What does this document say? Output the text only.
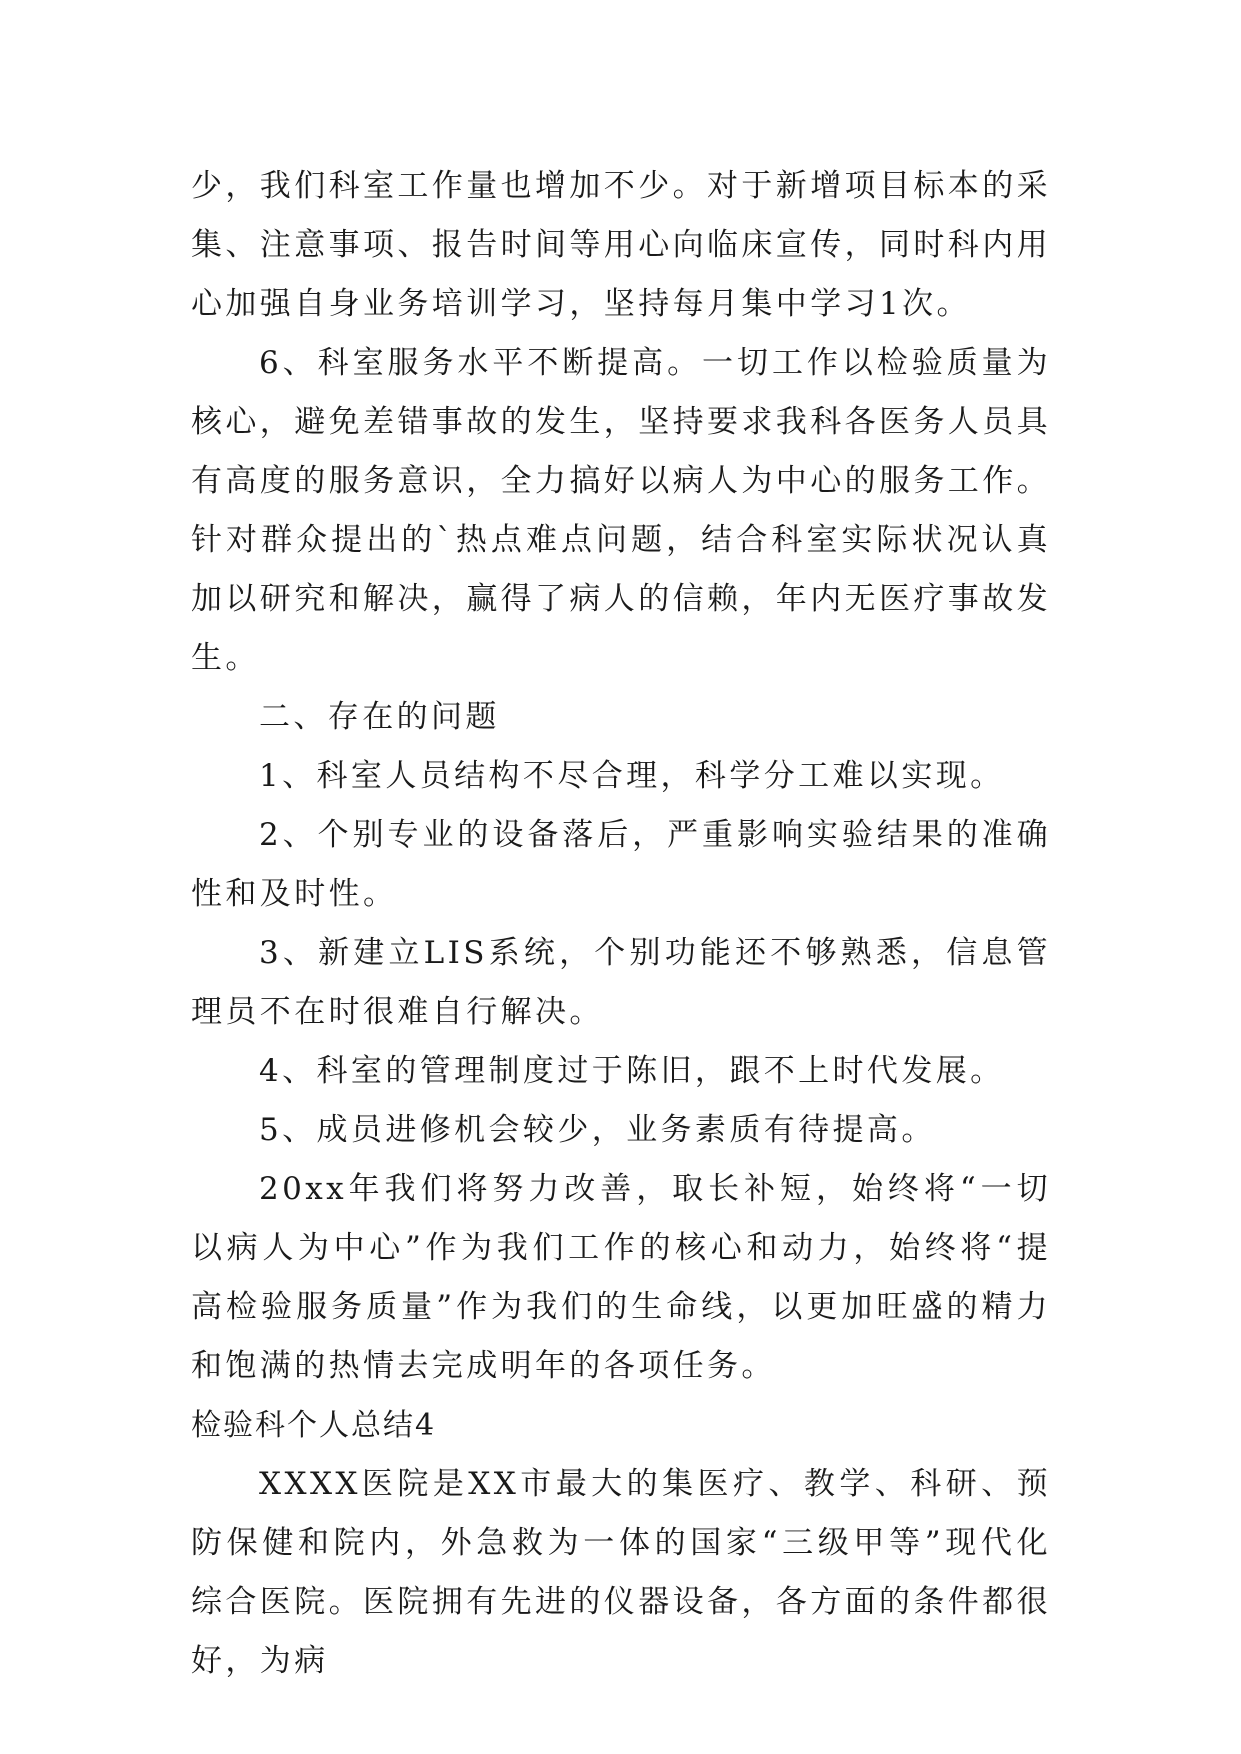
少，我们科室工作量也增加不少。对于新增项目标本的采集、注意事项、报告时间等用心向临床宣传，同时科内用心加强自身业务培训学习，坚持每月集中学习1次。

6、科室服务水平不断提高。一切工作以检验质量为核心，避免差错事故的发生，坚持要求我科各医务人员具有高度的服务意识，全力搞好以病人为中心的服务工作。针对群众提出的`热点难点问题，结合科室实际状况认真加以研究和解决，赢得了病人的信赖，年内无医疗事故发生。

二、存在的问题

1、科室人员结构不尽合理，科学分工难以实现。

2、个别专业的设备落后，严重影响实验结果的准确性和及时性。

3、新建立LIS系统，个别功能还不够熟悉，信息管理员不在时很难自行解决。

4、科室的管理制度过于陈旧，跟不上时代发展。

5、成员进修机会较少，业务素质有待提高。

20xx年我们将努力改善，取长补短，始终将“一切以病人为中心”作为我们工作的核心和动力，始终将“提高检验服务质量”作为我们的生命线，以更加旺盛的精力和饱满的热情去完成明年的各项任务。

检验科个人总结4

XXXX医院是XX市最大的集医疗、教学、科研、预防保健和院内，外急救为一体的国家“三级甲等”现代化综合医院。医院拥有先进的仪器设备，各方面的条件都很好，为病
